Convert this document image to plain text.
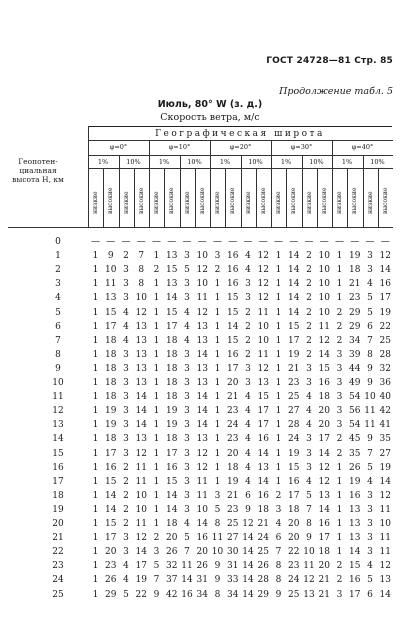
ГОСТ 24728—81 Стр. 85
Продолжение табл. 5
Июль, 80° W (з. д.)
Скорость ветра, м/с
Географическая широта
Геопотен-циальная высота H, км
φ=0°	φ=10°	φ=20°	φ=30°	φ=40°
1%	10%	1%	10%	1%	10%	1%	10%	1%	10%
низкие	высокие	низкие	высокие	низкие	высокие	низкие	высокие	низкие	высокие	низкие	высокие	низкие	высокие	низкие	высокие	низкие	высокие	низкие	высокие
0	— — — — — — — — — — — — — — — — — — — —
1	1	9	2	7	1 13 3 10 3 16 4 12 1 14 2 10 1 19 3 12
2	1 10 3	8	2 15 5 12 2 16 4 12 1 14 2 10 1 18 3 14
3	1 11 3	8	1 13 3 10 1 16 3 12 1 14 2 10 1 21 4 16
4	1 13 3 10 1 14 3 11 1 15 3 12 1 14 2 10 1 23 5 17
5	1 15 4 12 1 15 4 12 1 15 2 11 1 14 2 10 2 29 5 19
6	1 17 4 13 1 17 4 13 1 14 2 10 1 15 2 11 2 29 6 22
7	1 18 4 13 1 18 4 13 1 15 2 10 1 17 2 12 2 34 7 25
8	1 18 3 13 1 18 3 14 1 16 2 11 1 19 2 14 3 39 8 28
9	1 18 3 13 1 18 3 13 1 17 3 12 1 21 3 15 3 44 9 32
10	1 18 3 13 1 18 3 13 1 20 3 13 1 23 3 16 3 49 9 36
11	1 18 3 14 1 18 3 14 1 21 4 15 1 25 4 18 3 54 10 40
12	1 19 3 14 1 19 3 14 1 23 4 17 1 27 4 20 3 56 11 42
13	1 19 3 14 1 19 3 14 1 24 4 17 1 28 4 20 3 54 11 41
14	1 18 3 13 1 18 3 13 1 23 4 16 1 24 3 17 2 45 9 35
15	1 17 3 12 1 17 3 12 1 20 4 14 1 19 3 14 2 35 7 27
16	1 16 2 11 1 16 3 12 1 18 4 13 1 15 3 12 1 26 5 19
17	1 15 2 11 1 15 3 11 1 19 4 14 1 16 4 12 1 19 4 14
18	1 14 2 10 1 14 3 11 3 21 6 16 2 17 5 13 1 16 3 12
19	1 14 2 10 1 14 3 10 5 23 9 18 3 18 7 14 1 13 3 11
20	1 15 2 11 1 18 4 14 8 25 12 21 4 20 8 16 1 13 3 10
21	1 17 3 12 2 20 5 16 11 27 14 24 6 20 9 17 1 13 3 11
22	1 20 3 14 3 26 7 20 10 30 14 25 7 22 10 18 1 14 3 11
23	1 23 4 17 5 32 11 26 9 31 14 26 8 23 11 20 2 15 4 12
24	1 26 4 19 7 37 14 31 9 33 14 28 8 24 12 21 2 16 5 13
25	1 29 5 22 9 42 16 34 8 34 14 29 9 25 13 21 3 17 6 14
